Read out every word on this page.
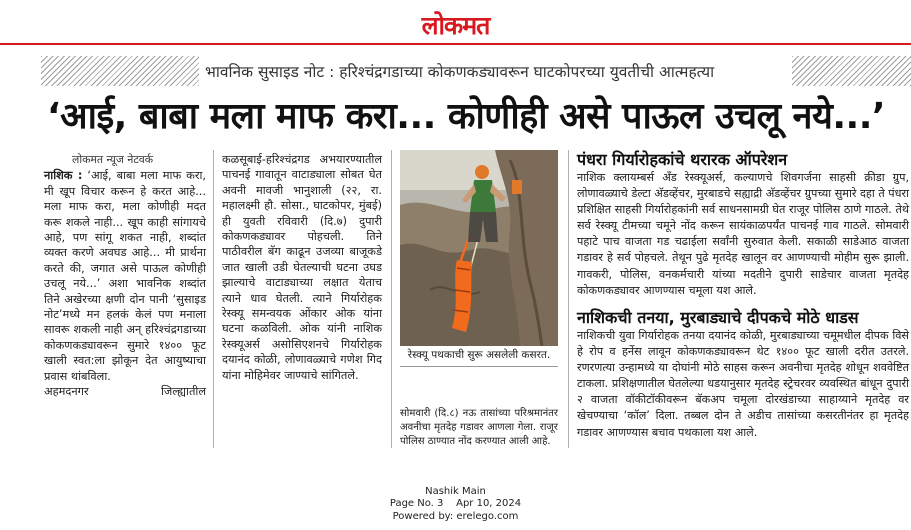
लोकमत
भावनिक सुसाइड नोट : हरिश्चंद्रगडाच्या कोकणकड्यावरून घाटकोपरच्या युवतीची आत्महत्या
‘आई, बाबा मला माफ करा... कोणीही असे पाऊल उचलू नये...’
लोकमत न्यूज नेटवर्क

नाशिक : ‘आई, बाबा मला माफ करा, मी खूप विचार करून हे करत आहे... मला माफ करा, मला कोणीही मदत करू शकले नाही... खूप काही सांगायचे आहे, पण सांगू शकत नाही, शब्दांत व्यक्त करणे अवघड आहे... मी प्रार्थना करते की, जगात असे पाऊल कोणीही उचलू नये...’ अशा भावनिक शब्दांत तिने अखेरच्या क्षणी दोन पानी ‘सुसाइड नोट’मध्ये मन हलकं केलं पण मनाला सावरू शकली नाही अन् हरिश्चंद्रगडाच्या कोकणकड्यावरून सुमारे १४०० फूट खाली स्वत:ला झोकून देत आयुष्याचा प्रवास थांबविला.

अहमदनगर जिल्ह्यातील

कळसूबाई-हरिश्चंद्रगड अभयारण्यातील पाचनई गावातून वाटाड्याला सोबत घेत अवनी मावजी भानुशाली (२२, रा. महालक्ष्मी हौ. सोसा., घाटकोपर, मुंबई) ही युवती रविवारी (दि.७) दुपारी कोकणकड्यावर पोहचली. तिने पाठीवरील बॅग काढून उजव्या बाजूकडे जात खाली उडी घेतल्याची घटना उघड झाल्याचे वाटाड्याच्या लक्षात येताच त्याने धाव घेतली. त्याने गिर्यारोहक रेस्क्यू समन्वयक ओंकार ओक यांना घटना कळविली. ओक यांनी नाशिक रेस्क्यूअर्स असोसिएशनचे गिर्यारोहक दयानंद कोळी, लोणावळ्याचे गणेश गिद यांना मोहिमेवर जाण्याचे सांगितले.

रेस्क्यू पथकाची सुरू असलेली कसरत.

सोमवारी (दि.८) नऊ तासांच्या परिश्रमानंतर अवनीचा मृतदेह गडावर आणला गेला. राजूर पोलिस ठाण्यात नोंद करण्यात आली आहे.

पंधरा गिर्यारोहकांचे थरारक ऑपरेशन

नाशिक क्लायम्बर्स अँड रेस्क्यूअर्स, कल्याणचे शिवगर्जना साहसी क्रीडा ग्रुप, लोणावळ्याचे डेल्टा अ‍ॅडव्हेंचर, मुरबाडचे सह्याद्री अ‍ॅडव्हेंचर ग्रुपच्या सुमारे दहा ते पंधरा प्रशिक्षित साहसी गिर्यारोहकांनी सर्व साधनसामग्री घेत राजूर पोलिस ठाणे गाठले. तेथे सर्व रेस्क्यू टीमच्या चमूने नोंद करून सायंकाळपर्यंत पाचनई गाव गाठले. सोमवारी पहाटे पाच वाजता गड चढाईला सर्वांनी सुरुवात केली. सकाळी साडेआठ वाजता गडावर हे सर्व पोहचले. तेथून पुढे मृतदेह खालून वर आणण्याची मोहीम सुरू झाली. गावकरी, पोलिस, वनकर्मचारी यांच्या मदतीने दुपारी साडेचार वाजता मृतदेह कोकणकड्यावर आणण्यास चमूला यश आले.

नाशिकची तनया, मुरबाड्याचे दीपकचे मोठे धाडस

नाशिकची युवा गिर्यारोहक तनया दयानंद कोळी, मुरबाड्याच्या चमूमधील दीपक विसे हे रोप व हर्नेस लावून कोकणकड्यावरून थेट १४०० फूट खाली दरीत उतरले. रणरणत्या उन्हामध्ये या दोघांनी मोठे साहस करून अवनीचा मृतदेह शोधून शववेष्टित टाकला. प्रशिक्षणातील घेतलेल्या धडयानुसार मृतदेह स्ट्रेचरवर व्यवस्थित बांधून दुपारी २ वाजता वॉकीटॉकीवरून बॅकअप चमूला दोरखंडाच्या साहाय्याने मृतदेह वर खेचण्याचा ‘कॉल’ दिला. तब्बल दोन ते अडीच तासांच्या कसरतीनंतर हा मृतदेह गडावर आणण्यास बचाव पथकाला यश आले.

Nashik Main
Page No. 3    Apr 10, 2024
Powered by: erelego.com
